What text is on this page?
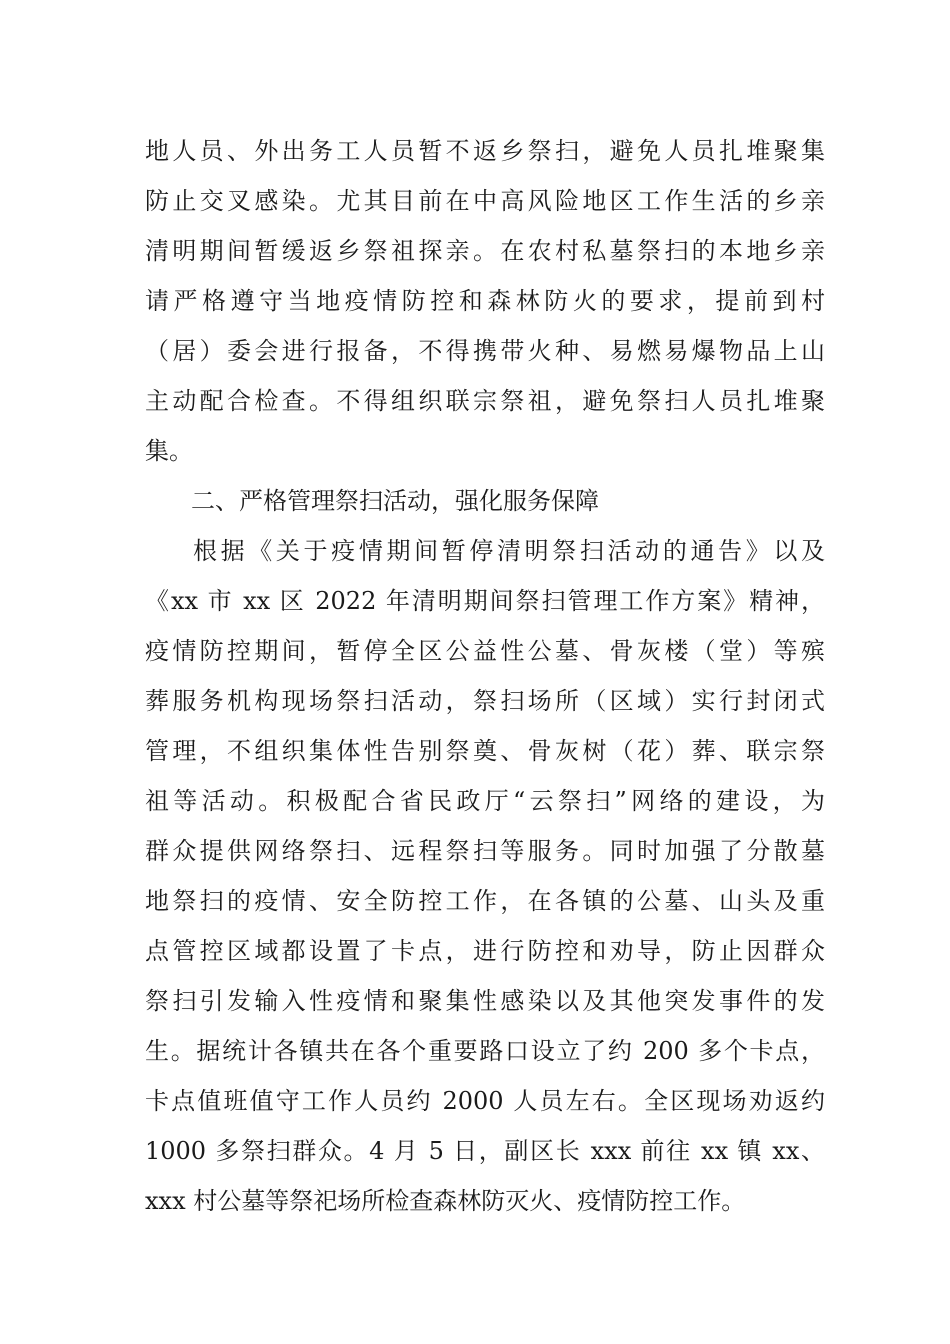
地人员、外出务工人员暂不返乡祭扫，避免人员扎堆聚集
防止交叉感染。尤其目前在中高风险地区工作生活的乡亲
清明期间暂缓返乡祭祖探亲。在农村私墓祭扫的本地乡亲
请严格遵守当地疫情防控和森林防火的要求，提前到村
（居）委会进行报备，不得携带火种、易燃易爆物品上山
主动配合检查。不得组织联宗祭祖，避免祭扫人员扎堆聚
集。
二、严格管理祭扫活动，强化服务保障
根据《关于疫情期间暂停清明祭扫活动的通告》以及
《xx 市 xx 区 2022 年清明期间祭扫管理工作方案》精神，
疫情防控期间，暂停全区公益性公墓、骨灰楼（堂）等殡
葬服务机构现场祭扫活动，祭扫场所（区域）实行封闭式
管理，不组织集体性告别祭奠、骨灰树（花）葬、联宗祭
祖等活动。积极配合省民政厅“云祭扫”网络的建设，为
群众提供网络祭扫、远程祭扫等服务。同时加强了分散墓
地祭扫的疫情、安全防控工作，在各镇的公墓、山头及重
点管控区域都设置了卡点，进行防控和劝导，防止因群众
祭扫引发输入性疫情和聚集性感染以及其他突发事件的发
生。据统计各镇共在各个重要路口设立了约 200 多个卡点，
卡点值班值守工作人员约 2000 人员左右。全区现场劝返约
1000 多祭扫群众。4 月 5 日，副区长 xxx 前往 xx 镇 xx、
xxx 村公墓等祭祀场所检查森林防灭火、疫情防控工作。
